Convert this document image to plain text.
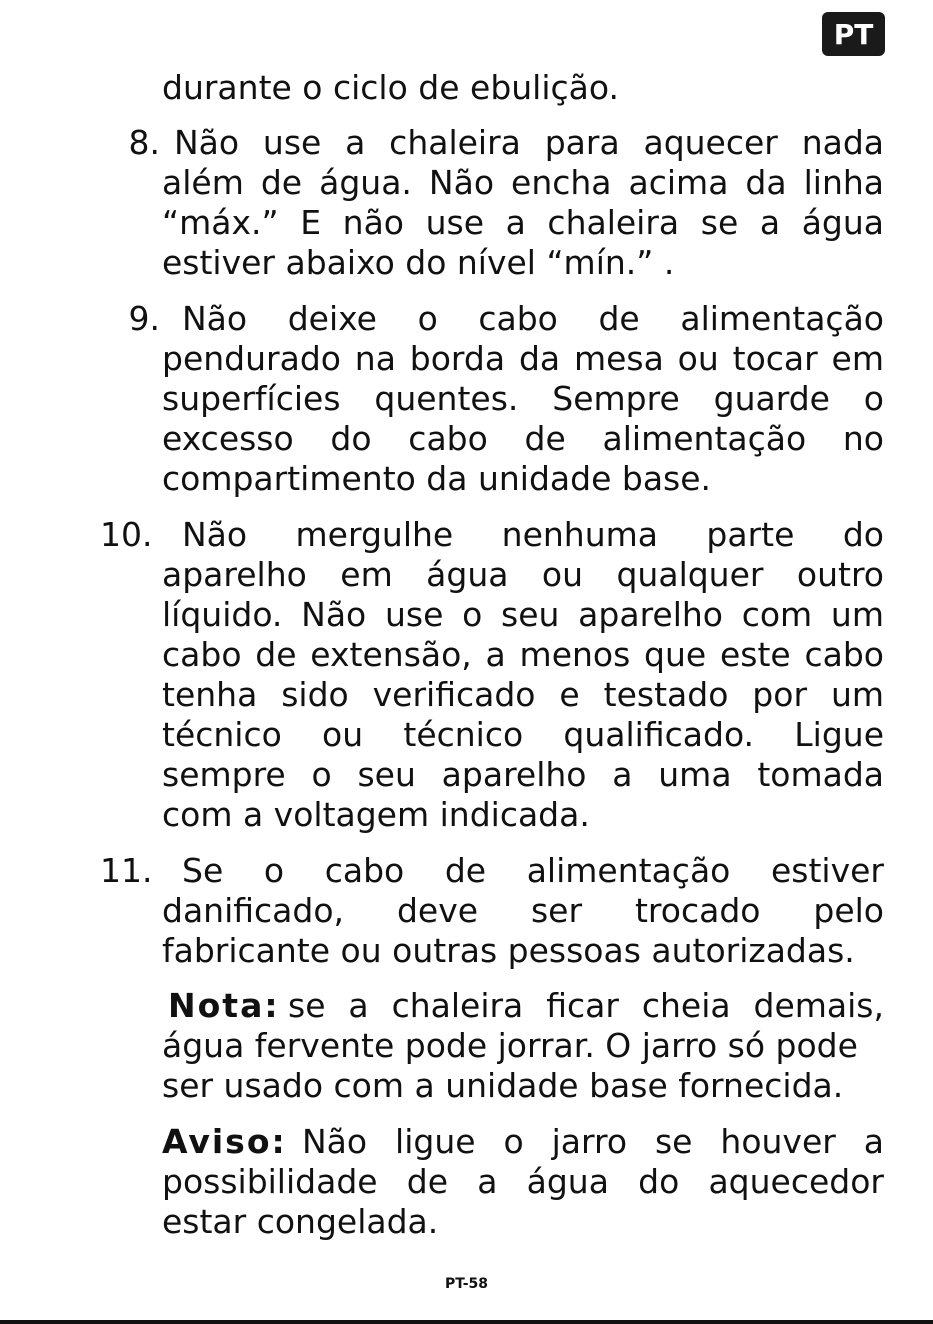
PT
durante o ciclo de ebulição.
8. Não use a chaleira para aquecer nada
além de água. Não encha acima da linha
“máx.” E não use a chaleira se a água
estiver abaixo do nível “mín.” .
9. Não deixe o cabo de alimentação
pendurado na borda da mesa ou tocar em
superfícies quentes. Sempre guarde o
excesso do cabo de alimentação no
compartimento da unidade base.
10. Não mergulhe nenhuma parte do
aparelho em água ou qualquer outro
líquido. Não use o seu aparelho com um
cabo de extensão, a menos que este cabo
tenha sido verificado e testado por um
técnico ou técnico qualificado. Ligue
sempre o seu aparelho a uma tomada
com a voltagem indicada.
11. Se o cabo de alimentação estiver
danificado, deve ser trocado pelo
fabricante ou outras pessoas autorizadas.
Nota: se a chaleira ficar cheia demais,
água fervente pode jorrar. O jarro só pode
ser usado com a unidade base fornecida.
Aviso: Não ligue o jarro se houver a
possibilidade de a água do aquecedor
estar congelada.
PT-58
